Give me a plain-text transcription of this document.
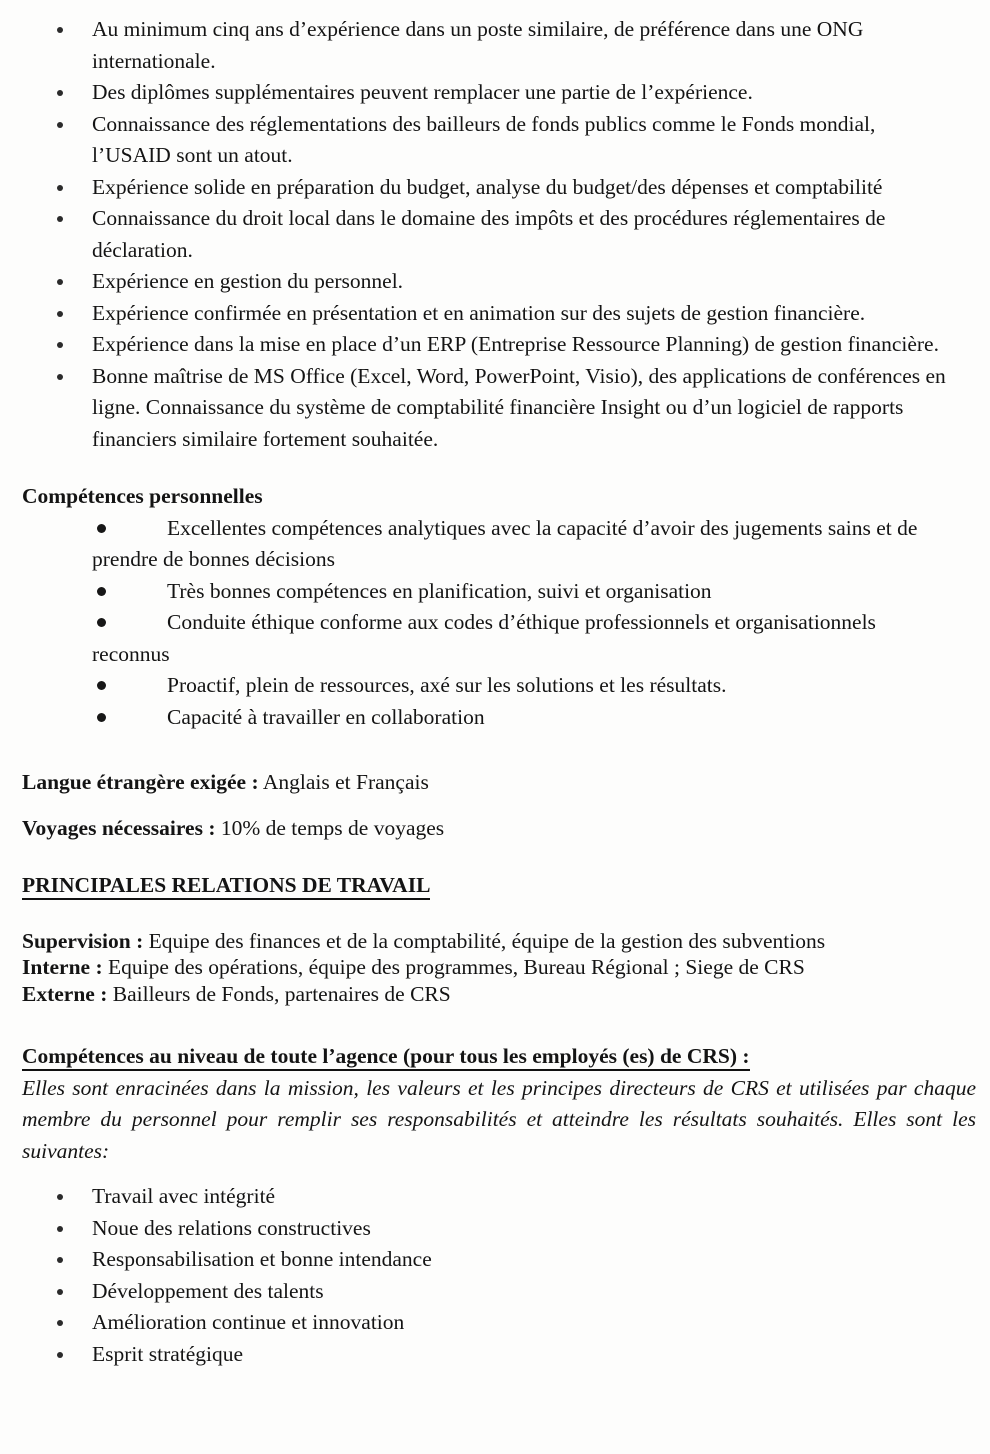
Au minimum cinq ans d’expérience dans un poste similaire, de préférence dans une ONG internationale.
Des diplômes supplémentaires peuvent remplacer une partie de l’expérience.
Connaissance des réglementations des bailleurs de fonds publics comme le Fonds mondial, l’USAID sont un atout.
Expérience solide en préparation du budget, analyse du budget/des dépenses et comptabilité
Connaissance du droit local dans le domaine des impôts et des procédures réglementaires de déclaration.
Expérience en gestion du personnel.
Expérience confirmée en présentation et en animation sur des sujets de gestion financière.
Expérience dans la mise en place d’un ERP (Entreprise Ressource Planning) de gestion financière.
Bonne maîtrise de MS Office (Excel, Word, PowerPoint, Visio), des applications de conférences en ligne. Connaissance du système de comptabilité financière Insight ou d’un logiciel de rapports financiers similaire fortement souhaitée.
Compétences personnelles
Excellentes compétences analytiques avec la capacité d’avoir des jugements sains et de prendre de bonnes décisions
Très bonnes compétences en planification, suivi et organisation
Conduite éthique conforme aux codes d’éthique professionnels et organisationnels reconnus
Proactif, plein de ressources, axé sur les solutions et les résultats.
Capacité à travailler en collaboration
Langue étrangère exigée : Anglais et Français
Voyages nécessaires : 10% de temps de voyages
PRINCIPALES RELATIONS DE TRAVAIL
Supervision : Equipe des finances et de la comptabilité, équipe de la gestion des subventions
Interne : Equipe des opérations, équipe des programmes, Bureau Régional ; Siege de CRS
Externe : Bailleurs de Fonds, partenaires de CRS
Compétences au niveau de toute l’agence (pour tous les employés (es) de CRS) :
Elles sont enracinées dans la mission, les valeurs et les principes directeurs de CRS et utilisées par chaque membre du personnel pour remplir ses responsabilités et atteindre les résultats souhaités. Elles sont les suivantes:
Travail avec intégrité
Noue des relations constructives
Responsabilisation et bonne intendance
Développement des talents
Amélioration continue et innovation
Esprit stratégique
